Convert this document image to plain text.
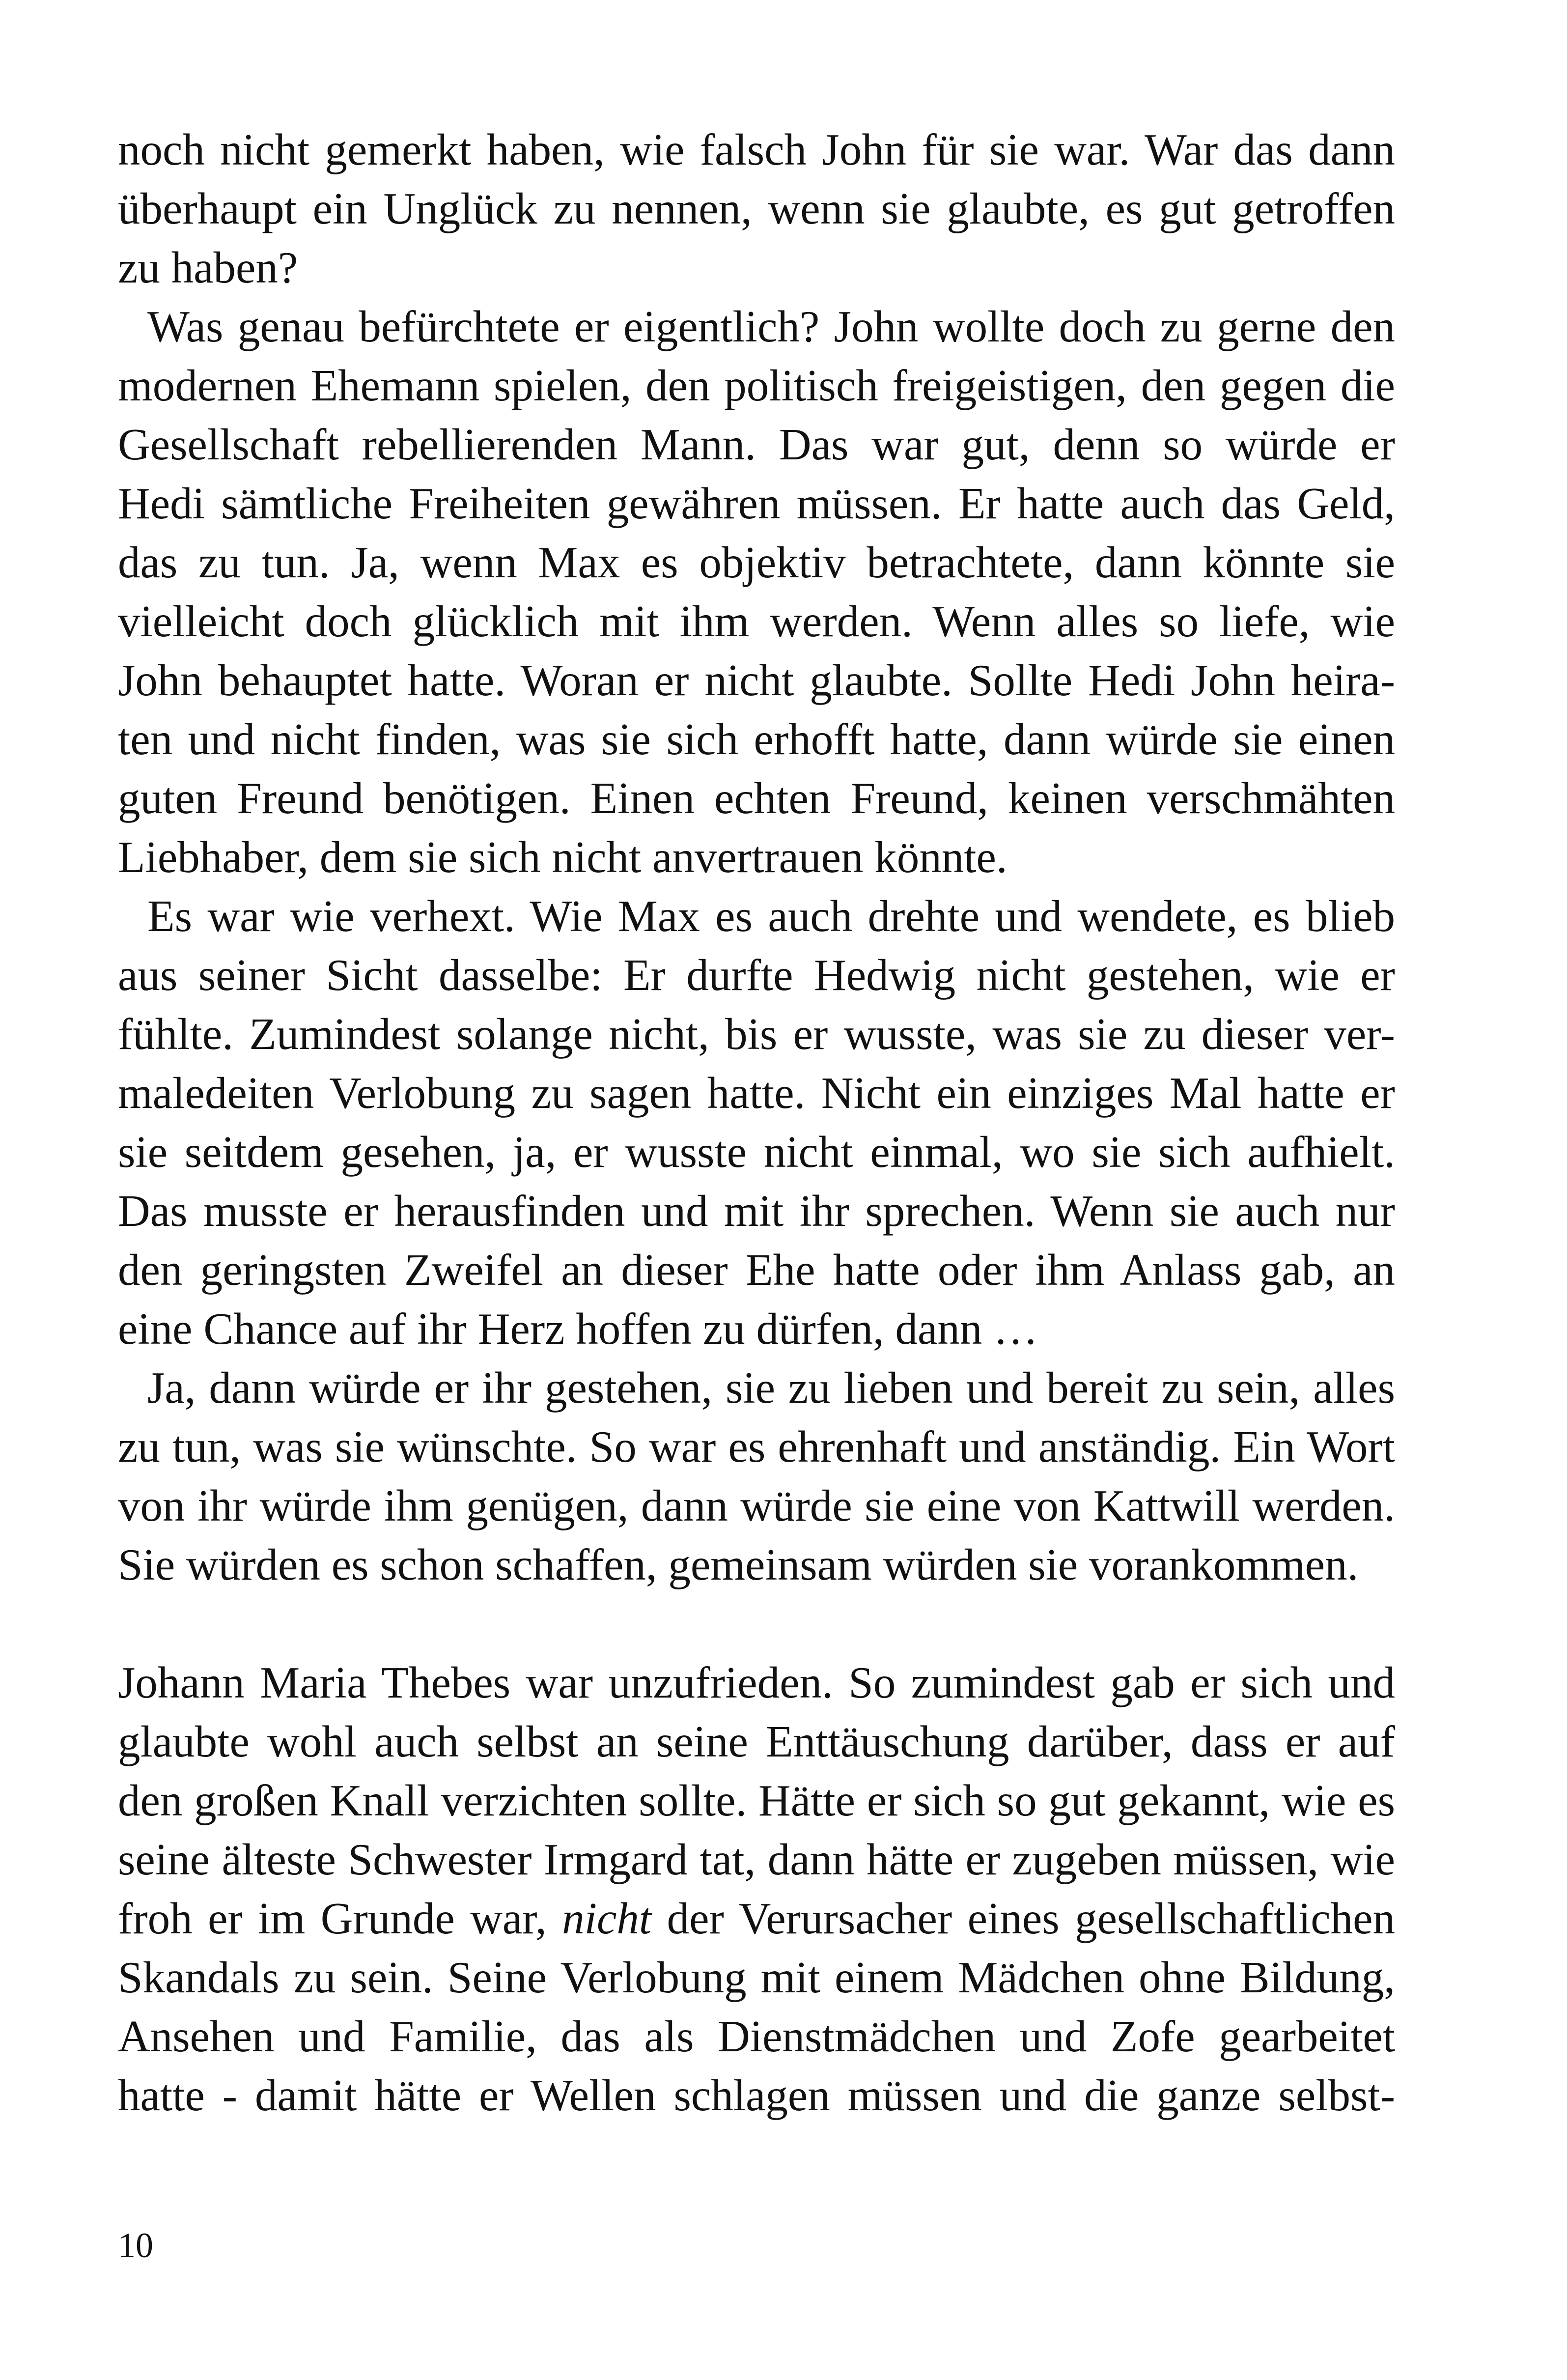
noch nicht gemerkt haben, wie falsch John für sie war. War das dann
überhaupt ein Unglück zu nennen, wenn sie glaubte, es gut getroffen
zu haben?
Was genau befürchtete er eigentlich? John wollte doch zu gerne den
modernen Ehemann spielen, den politisch freigeistigen, den gegen die
Gesellschaft rebellierenden Mann. Das war gut, denn so würde er
Hedi sämtliche Freiheiten gewähren müssen. Er hatte auch das Geld,
das zu tun. Ja, wenn Max es objektiv betrachtete, dann könnte sie
vielleicht doch glücklich mit ihm werden. Wenn alles so liefe, wie
John behauptet hatte. Woran er nicht glaubte. Sollte Hedi John heira-
ten und nicht finden, was sie sich erhofft hatte, dann würde sie einen
guten Freund benötigen. Einen echten Freund, keinen verschmähten
Liebhaber, dem sie sich nicht anvertrauen könnte.
Es war wie verhext. Wie Max es auch drehte und wendete, es blieb
aus seiner Sicht dasselbe: Er durfte Hedwig nicht gestehen, wie er
fühlte. Zumindest solange nicht, bis er wusste, was sie zu dieser ver-
maledeiten Verlobung zu sagen hatte. Nicht ein einziges Mal hatte er
sie seitdem gesehen, ja, er wusste nicht einmal, wo sie sich aufhielt.
Das musste er herausfinden und mit ihr sprechen. Wenn sie auch nur
den geringsten Zweifel an dieser Ehe hatte oder ihm Anlass gab, an
eine Chance auf ihr Herz hoffen zu dürfen, dann …
Ja, dann würde er ihr gestehen, sie zu lieben und bereit zu sein, alles
zu tun, was sie wünschte. So war es ehrenhaft und anständig. Ein Wort
von ihr würde ihm genügen, dann würde sie eine von Kattwill werden.
Sie würden es schon schaffen, gemeinsam würden sie vorankommen.
Johann Maria Thebes war unzufrieden. So zumindest gab er sich und
glaubte wohl auch selbst an seine Enttäuschung darüber, dass er auf
den großen Knall verzichten sollte. Hätte er sich so gut gekannt, wie es
seine älteste Schwester Irmgard tat, dann hätte er zugeben müssen, wie
froh er im Grunde war, nicht der Verursacher eines gesellschaftlichen
Skandals zu sein. Seine Verlobung mit einem Mädchen ohne Bildung,
Ansehen und Familie, das als Dienstmädchen und Zofe gearbeitet
hatte - damit hätte er Wellen schlagen müssen und die ganze selbst-
10
